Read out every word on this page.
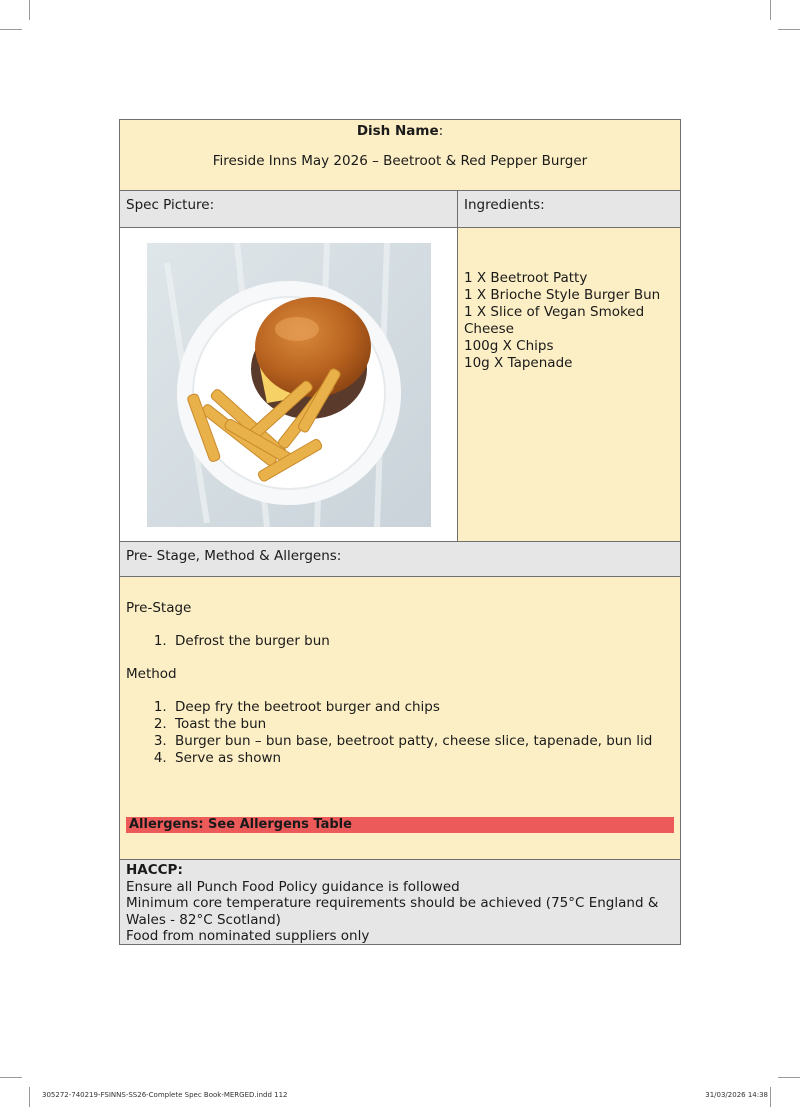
Dish Name:
Fireside Inns May 2026 – Beetroot & Red Pepper Burger
Spec Picture:	Ingredients:
1 X Beetroot Patty
1 X Brioche Style Burger Bun
1 X Slice of Vegan Smoked Cheese
100g X Chips
10g X Tapenade
Pre- Stage, Method & Allergens:
Pre-Stage
1. Defrost the burger bun
Method
1. Deep fry the beetroot burger and chips
2. Toast the bun
3. Burger bun – bun base, beetroot patty, cheese slice, tapenade, bun lid
4. Serve as shown
Allergens: See Allergens Table
HACCP:
Ensure all Punch Food Policy guidance is followed
Minimum core temperature requirements should be achieved (75°C England & Wales - 82°C Scotland)
Food from nominated suppliers only
305272-740219-FSINNS-SS26-Complete Spec Book-MERGED.indd 112	31/03/2026 14:38
